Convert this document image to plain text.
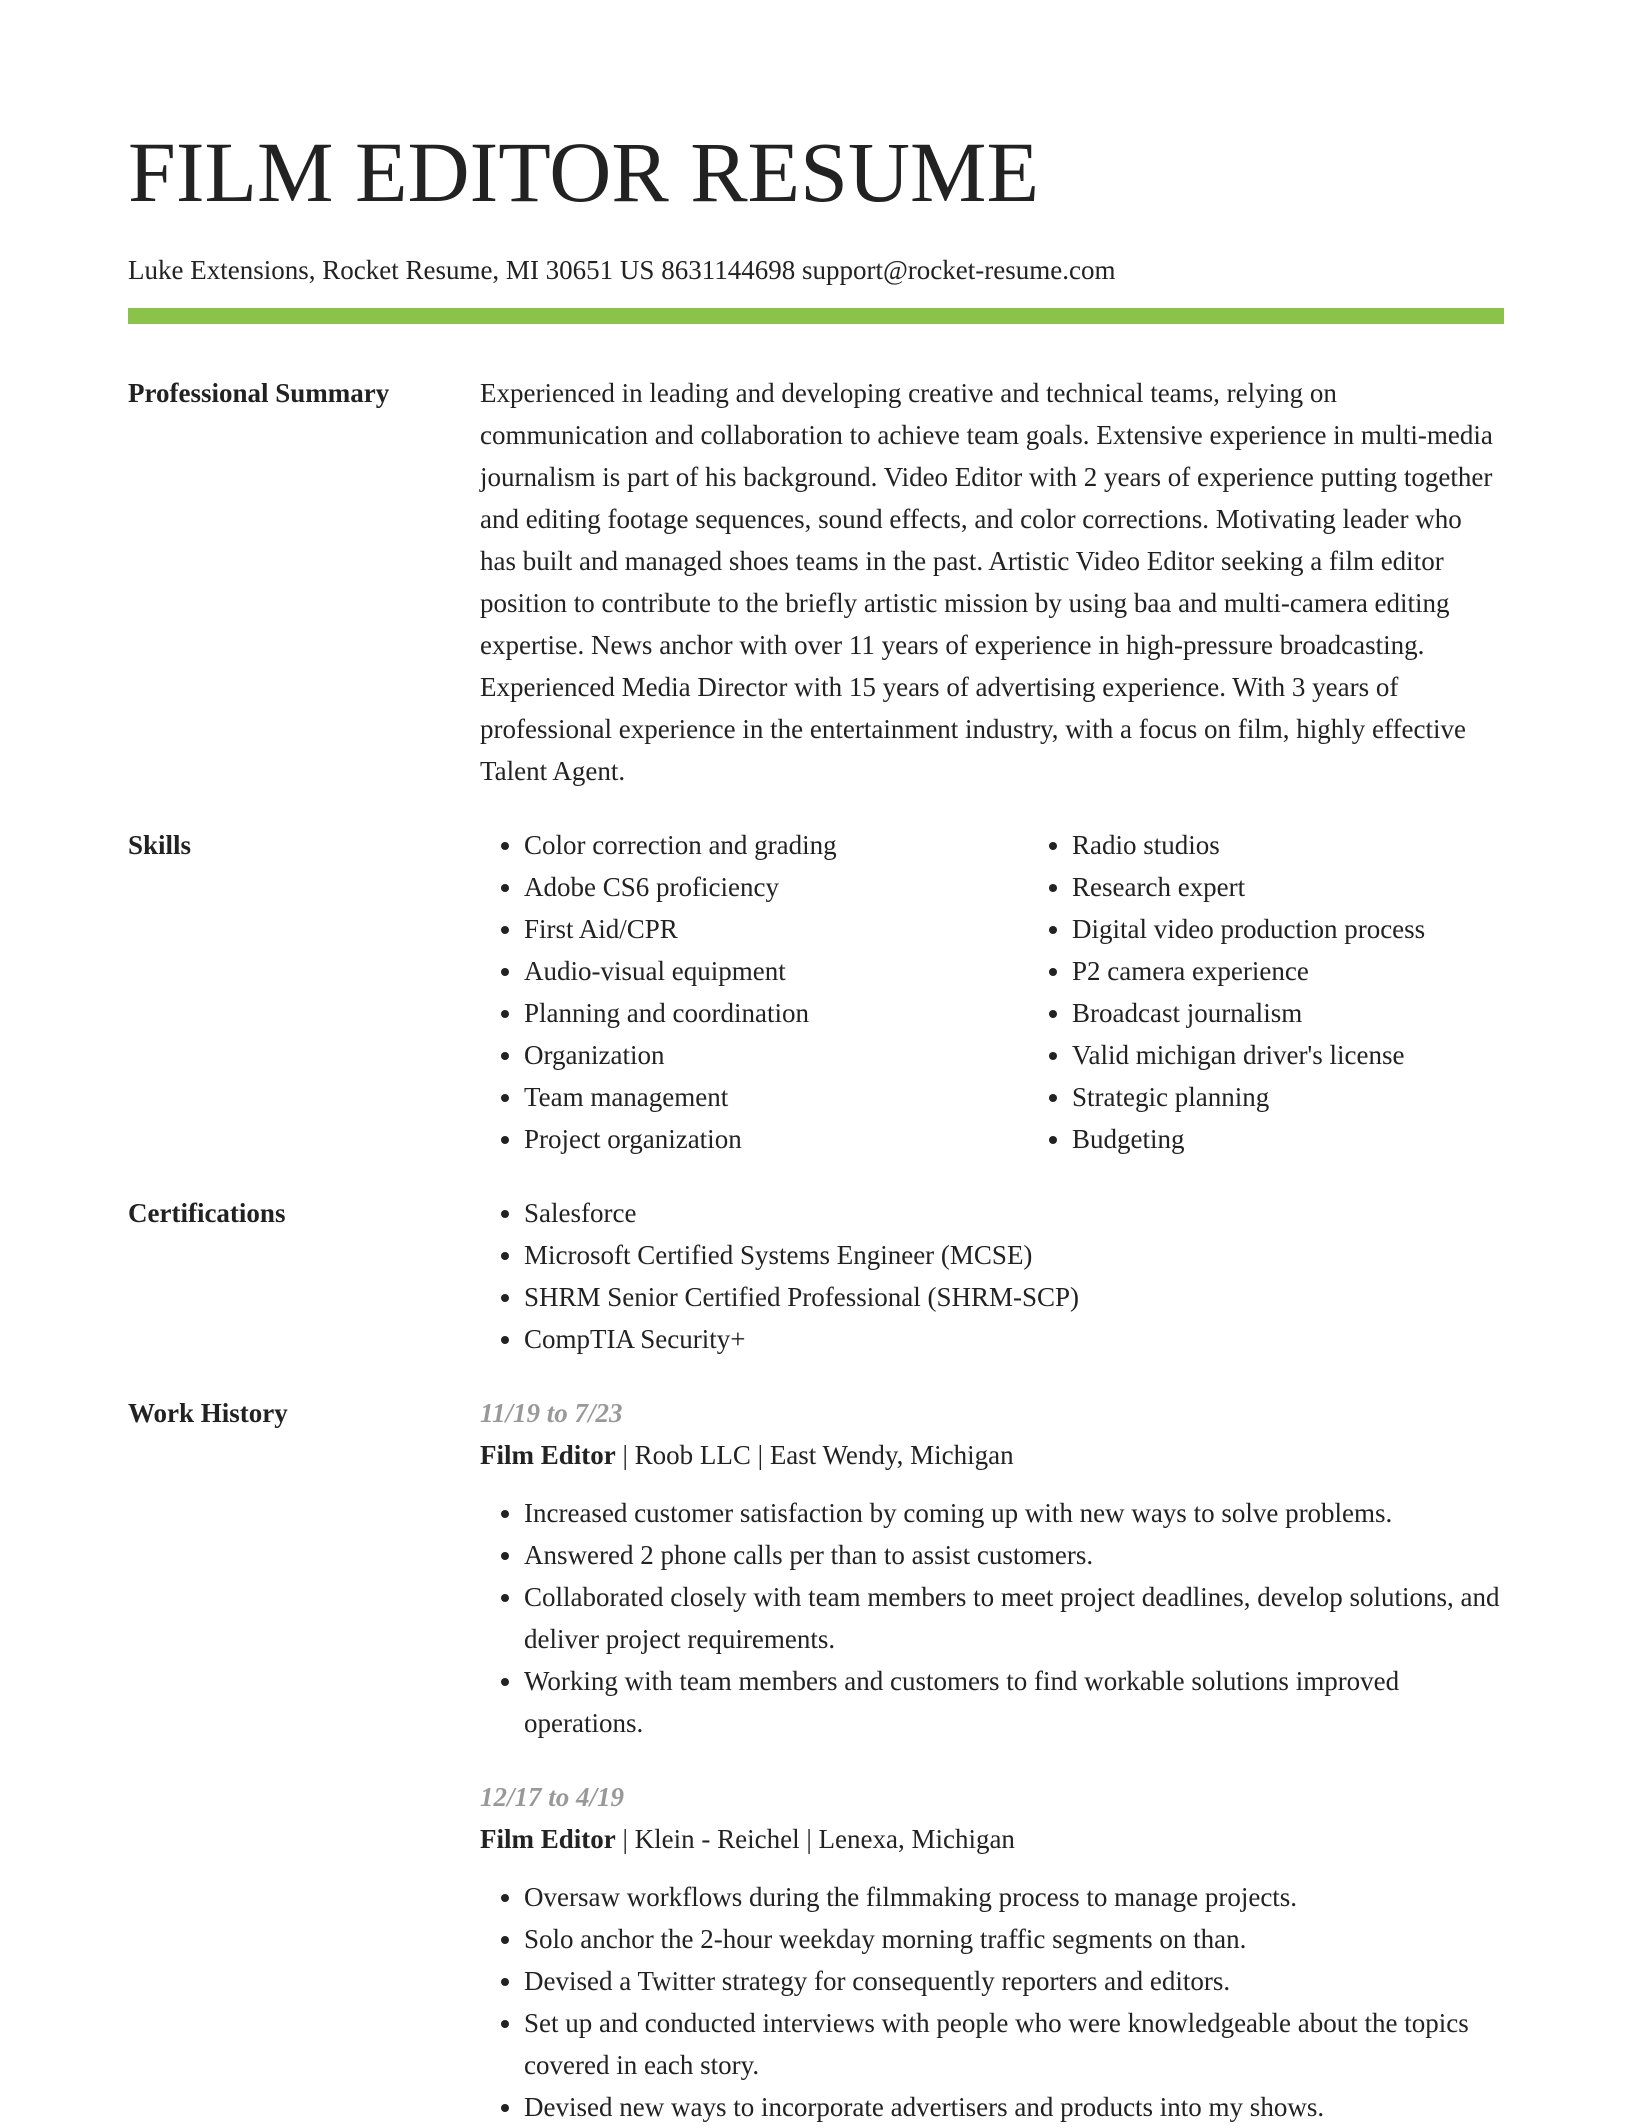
FILM EDITOR RESUME
Luke Extensions, Rocket Resume, MI 30651 US 8631144698 support@rocket-resume.com
Professional Summary	Experienced in leading and developing creative and technical teams, relying on communication and collaboration to achieve team goals. Extensive experience in multi-media journalism is part of his background. Video Editor with 2 years of experience putting together and editing footage sequences, sound effects, and color corrections. Motivating leader who has built and managed shoes teams in the past. Artistic Video Editor seeking a film editor position to contribute to the briefly artistic mission by using baa and multi-camera editing expertise. News anchor with over 11 years of experience in high-pressure broadcasting. Experienced Media Director with 15 years of advertising experience. With 3 years of professional experience in the entertainment industry, with a focus on film, highly effective Talent Agent.

Skills	• Color correction and grading
• Adobe CS6 proficiency
• First Aid/CPR
• Audio-visual equipment
• Planning and coordination
• Organization
• Team management
• Project organization
• Radio studios
• Research expert
• Digital video production process
• P2 camera experience
• Broadcast journalism
• Valid michigan driver's license
• Strategic planning
• Budgeting
Certifications	• Salesforce
• Microsoft Certified Systems Engineer (MCSE)
• SHRM Senior Certified Professional (SHRM-SCP)
• CompTIA Security+
Work History	11/19 to 7/23

Film Editor | Roob LLC | East Wendy, Michigan

• Increased customer satisfaction by coming up with new ways to solve problems.
• Answered 2 phone calls per than to assist customers.
• Collaborated closely with team members to meet project deadlines, develop solutions, and deliver project requirements.
• Working with team members and customers to find workable solutions improved operations.
12/17 to 4/19

Film Editor | Klein - Reichel | Lenexa, Michigan

• Oversaw workflows during the filmmaking process to manage projects.
• Solo anchor the 2-hour weekday morning traffic segments on than.
• Devised a Twitter strategy for consequently reporters and editors.
• Set up and conducted interviews with people who were knowledgeable about the topics covered in each story.
• Devised new ways to incorporate advertisers and products into my shows.
